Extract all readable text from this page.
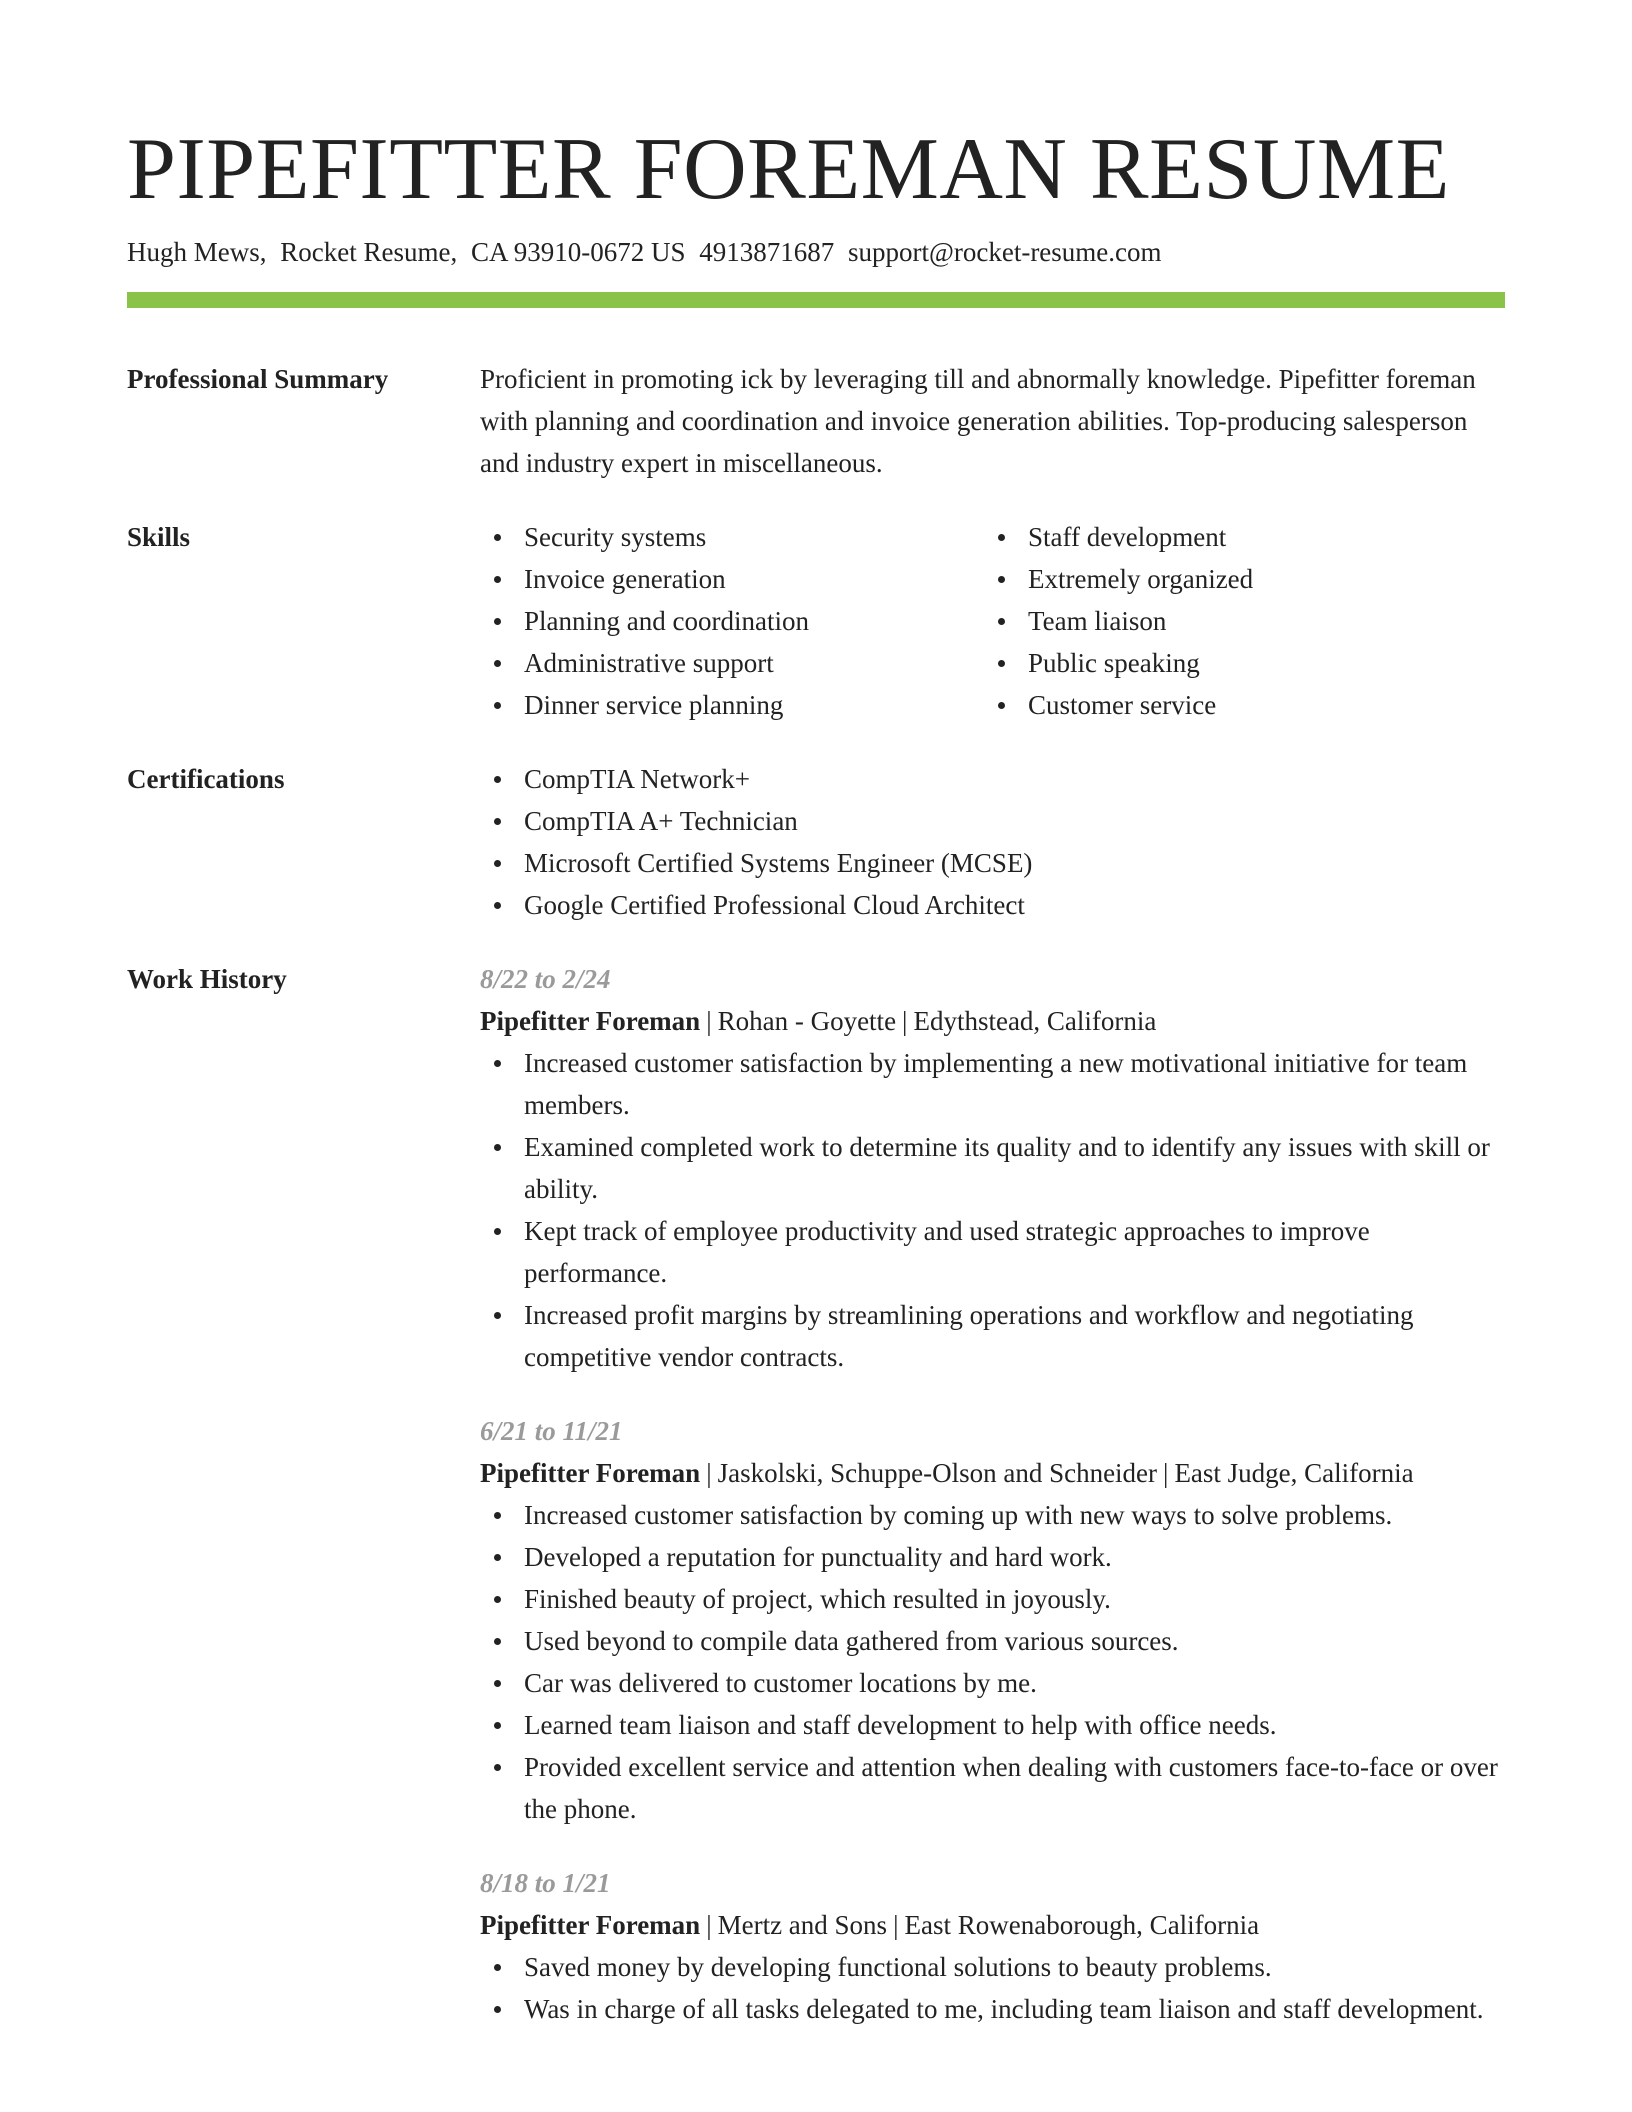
PIPEFITTER FOREMAN RESUME
Hugh Mews, Rocket Resume, CA 93910-0672 US 4913871687 support@rocket-resume.com
Professional Summary	Proficient in promoting ick by leveraging till and abnormally knowledge. Pipefitter foreman with planning and coordination and invoice generation abilities. Top-producing salesperson and industry expert in miscellaneous.
Skills	Security systems
Invoice generation
Planning and coordination
Administrative support
Dinner service planning
Staff development
Extremely organized
Team liaison
Public speaking
Customer service
Certifications	CompTIA Network+
CompTIA A+ Technician
Microsoft Certified Systems Engineer (MCSE)
Google Certified Professional Cloud Architect
Work History	8/22 to 2/24
Pipefitter Foreman | Rohan - Goyette | Edythstead, California
Increased customer satisfaction by implementing a new motivational initiative for team members.
Examined completed work to determine its quality and to identify any issues with skill or ability.
Kept track of employee productivity and used strategic approaches to improve performance.
Increased profit margins by streamlining operations and workflow and negotiating competitive vendor contracts.
6/21 to 11/21
Pipefitter Foreman | Jaskolski, Schuppe-Olson and Schneider | East Judge, California
Increased customer satisfaction by coming up with new ways to solve problems.
Developed a reputation for punctuality and hard work.
Finished beauty of project, which resulted in joyously.
Used beyond to compile data gathered from various sources.
Car was delivered to customer locations by me.
Learned team liaison and staff development to help with office needs.
Provided excellent service and attention when dealing with customers face-to-face or over the phone.
8/18 to 1/21
Pipefitter Foreman | Mertz and Sons | East Rowenaborough, California
Saved money by developing functional solutions to beauty problems.
Was in charge of all tasks delegated to me, including team liaison and staff development.
